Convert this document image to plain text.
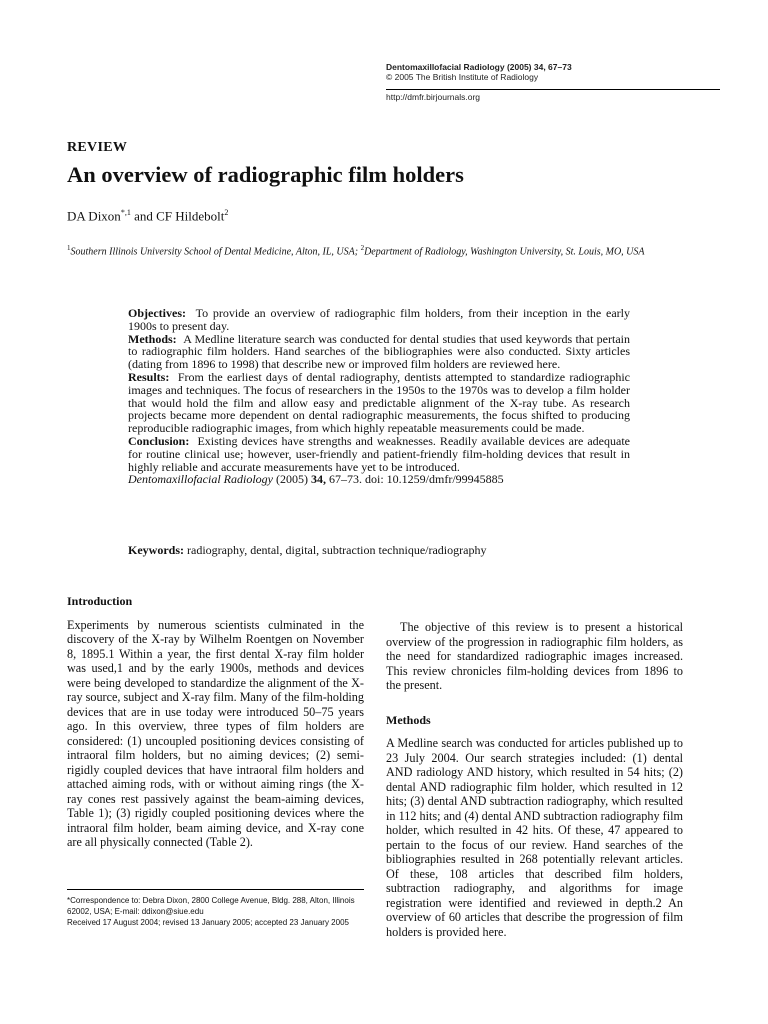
Dentomaxillofacial Radiology (2005) 34, 67–73
© 2005 The British Institute of Radiology
http://dmfr.birjournals.org
REVIEW
An overview of radiographic film holders
DA Dixon$^{*,1}$ and CF Hildebolt$^2$
$^1$Southern Illinois University School of Dental Medicine, Alton, IL, USA; $^2$Department of Radiology, Washington University, St. Louis, MO, USA

Objectives: To provide an overview of radiographic film holders, from their inception in the early 1900s to present day.

Methods: A Medline literature search was conducted for dental studies that used keywords that pertain to radiographic film holders. Hand searches of the bibliographies were also conducted. Sixty articles (dating from 1896 to 1998) that describe new or improved film holders are reviewed here.

Results: From the earliest days of dental radiography, dentists attempted to standardize radiographic images and techniques. The focus of researchers in the 1950s to the 1970s was to develop a film holder that would hold the film and allow easy and predictable alignment of the X-ray tube. As research projects became more dependent on dental radiographic measurements, the focus shifted to producing reproducible radiographic images, from which highly repeatable measurements could be made.

Conclusion: Existing devices have strengths and weaknesses. Readily available devices are adequate for routine clinical use; however, user-friendly and patient-friendly film-holding devices that result in highly reliable and accurate measurements have yet to be introduced.

Dentomaxillofacial Radiology (2005) 34, 67–73. doi: 10.1259/dmfr/99945885

Keywords: radiography, dental, digital, subtraction technique/radiography
Introduction

Experiments by numerous scientists culminated in the discovery of the X-ray by Wilhelm Roentgen on November 8, 1895.1 Within a year, the first dental X-ray film holder was used,1 and by the early 1900s, methods and devices were being developed to standardize the alignment of the X-ray source, subject and X-ray film. Many of the film-holding devices that are in use today were introduced 50–75 years ago. In this overview, three types of film holders are considered: (1) uncoupled positioning devices consisting of intraoral film holders, but no aiming devices; (2) semi-rigidly coupled devices that have intraoral film holders and attached aiming rods, with or without aiming rings (the X-ray cones rest passively against the beam-aiming devices, Table 1); (3) rigidly coupled positioning devices where the intraoral film holder, beam aiming device, and X-ray cone are all physically connected (Table 2).

The objective of this review is to present a historical overview of the progression in radiographic film holders, as the need for standardized radiographic images increased. This review chronicles film-holding devices from 1896 to the present.

Methods

A Medline search was conducted for articles published up to 23 July 2004. Our search strategies included: (1) dental AND radiology AND history, which resulted in 54 hits; (2) dental AND radiographic film holder, which resulted in 12 hits; (3) dental AND subtraction radiography, which resulted in 112 hits; and (4) dental AND subtraction radiography film holder, which resulted in 42 hits. Of these, 47 appeared to pertain to the focus of our review. Hand searches of the bibliographies resulted in 268 potentially relevant articles. Of these, 108 articles that described film holders, subtraction radiography, and algorithms for image registration were identified and reviewed in depth.2 An overview of 60 articles that describe the progression of film holders is provided here.

*Correspondence to: Debra Dixon, 2800 College Avenue, Bldg. 288, Alton, Illinois 62002, USA; E-mail: ddixon@siue.edu
Received 17 August 2004; revised 13 January 2005; accepted 23 January 2005
